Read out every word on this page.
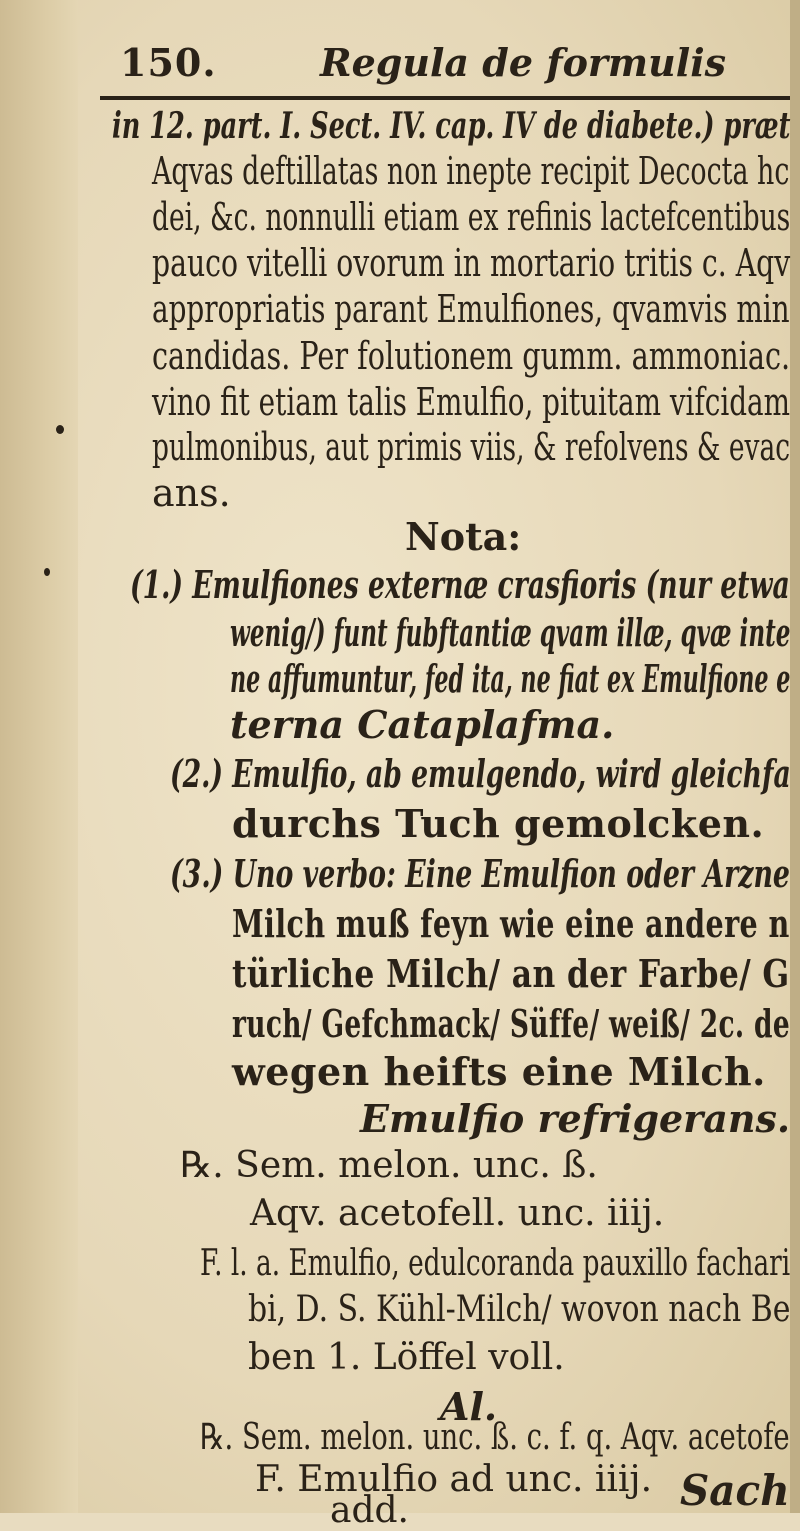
150.	Regula de formulis
in 12. part. I. Sect. IV. cap. IV de diabete.) præt
Aqvas deftillatas non inepte recipit Decocta hc
dei, &c. nonnulli etiam ex refinis lactefcentibus
pauco vitelli ovorum in mortario tritis c. Aqv
appropriatis parant Emulfiones, qvamvis min
candidas. Per folutionem gumm. ammoniac.
vino fit etiam talis Emulfio, pituitam vifcidam
pulmonibus, aut primis viis, & refolvens & evac
ans.
Nota:
(1.) Emulfiones externæ crasfioris (nur etwa
wenig/) funt fubftantiæ qvam illæ, qvæ inte
ne affumuntur, fed ita, ne fiat ex Emulfione e
terna Cataplafma.
(2.) Emulfio, ab emulgendo, wird gleichfa
durchs Tuch gemolcken.
(3.) Uno verbo: Eine Emulfion oder Arzne
Milch muß feyn wie eine andere n
türliche Milch/ an der Farbe/ G
ruch/ Gefchmack/ Süffe/ weiß/ 2c. de
wegen heifts eine Milch.
Emulfio refrigerans.
℞. Sem. melon. unc. ß.
Aqv. acetofell. unc. iiij.
F. l. a. Emulfio, edulcoranda pauxillo fachari
bi, D. S. Kühl-Milch/ wovon nach Be
ben 1. Löffel voll.
Al.
℞. Sem. melon. unc. ß. c. f. q. Aqv. acetofe
F. Emulfio ad unc. iiij.
add.	Sach
